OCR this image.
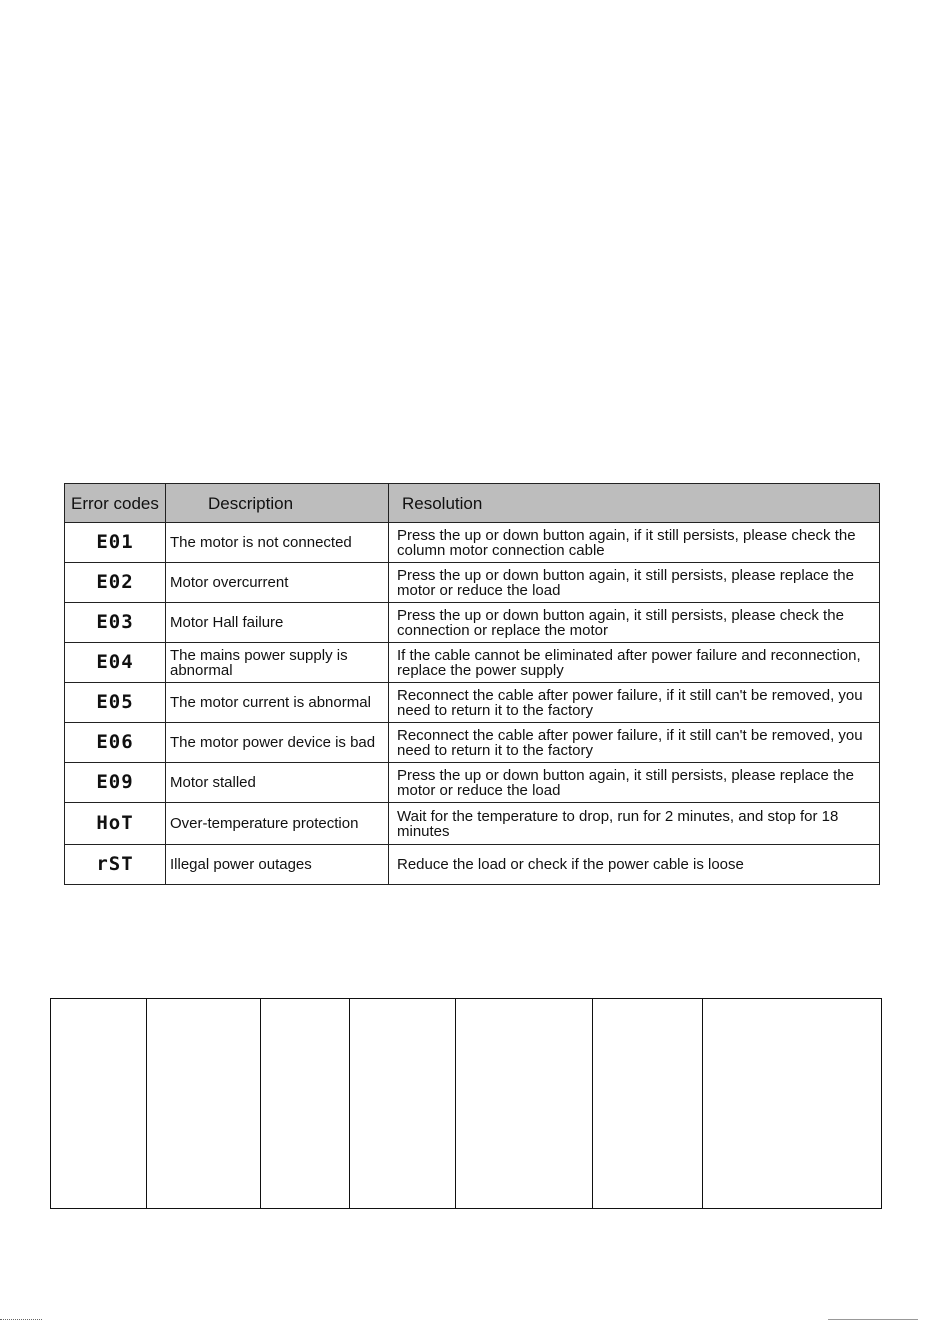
Error codes	Description	Resolution
E01	The motor is not connected	Press the up or down button again, if it still persists, please check the column motor connection cable
E02	Motor overcurrent	Press the up or down button again, it still persists, please replace the motor or reduce the load
E03	Motor Hall failure	Press the up or down button again, it still persists, please check the connection or replace the motor
E04	The mains power supply is abnormal	If the cable cannot be eliminated after power failure and reconnection, replace the power supply
E05	The motor current is abnormal	Reconnect the cable after power failure, if it still can't be removed, you need to return it to the factory
E06	The motor power device is bad	Reconnect the cable after power failure, if it still can't be removed, you need to return it to the factory
E09	Motor stalled	Press the up or down button again, it still persists, please replace the motor or reduce the load
HoT	Over-temperature protection	Wait for the temperature to drop, run for 2 minutes, and stop for 18 minutes
rST	Illegal power outages	Reduce the load or check if the power cable is loose
